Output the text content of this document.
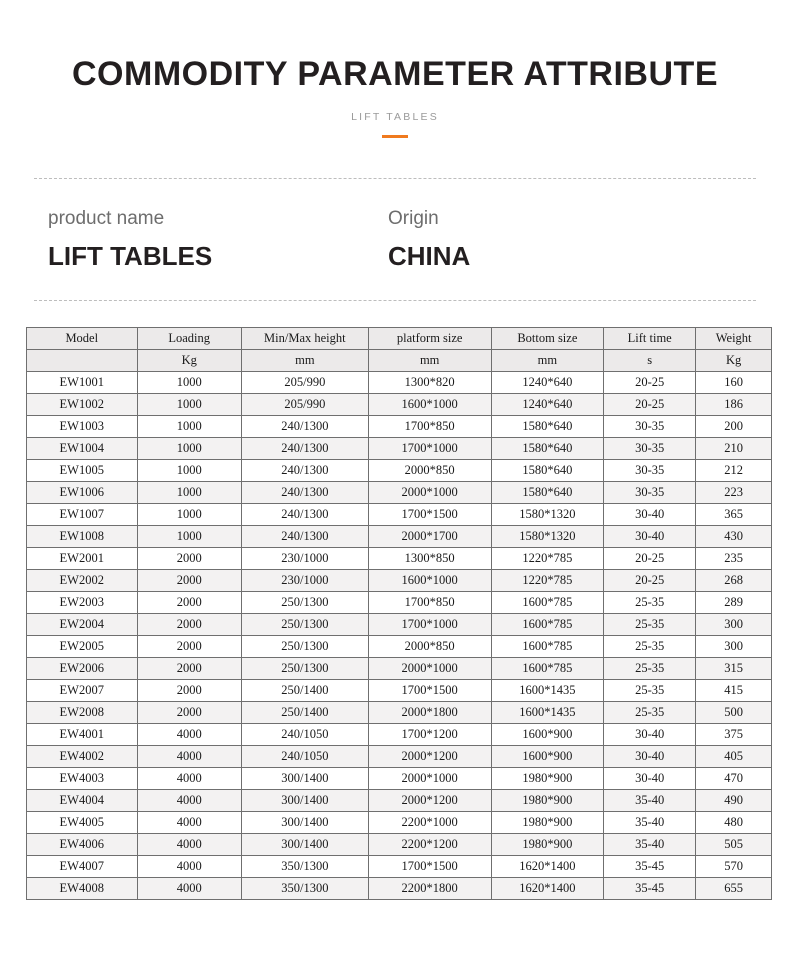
COMMODITY PARAMETER ATTRIBUTE
LIFT TABLES
product name
LIFT TABLES
Origin
CHINA
Model	Loading	Min/Max height	platform size	Bottom size	Lift time	Weight
	Kg	mm	mm	mm	s	Kg
EW1001	1000	205/990	1300*820	1240*640	20-25	160
EW1002	1000	205/990	1600*1000	1240*640	20-25	186
EW1003	1000	240/1300	1700*850	1580*640	30-35	200
EW1004	1000	240/1300	1700*1000	1580*640	30-35	210
EW1005	1000	240/1300	2000*850	1580*640	30-35	212
EW1006	1000	240/1300	2000*1000	1580*640	30-35	223
EW1007	1000	240/1300	1700*1500	1580*1320	30-40	365
EW1008	1000	240/1300	2000*1700	1580*1320	30-40	430
EW2001	2000	230/1000	1300*850	1220*785	20-25	235
EW2002	2000	230/1000	1600*1000	1220*785	20-25	268
EW2003	2000	250/1300	1700*850	1600*785	25-35	289
EW2004	2000	250/1300	1700*1000	1600*785	25-35	300
EW2005	2000	250/1300	2000*850	1600*785	25-35	300
EW2006	2000	250/1300	2000*1000	1600*785	25-35	315
EW2007	2000	250/1400	1700*1500	1600*1435	25-35	415
EW2008	2000	250/1400	2000*1800	1600*1435	25-35	500
EW4001	4000	240/1050	1700*1200	1600*900	30-40	375
EW4002	4000	240/1050	2000*1200	1600*900	30-40	405
EW4003	4000	300/1400	2000*1000	1980*900	30-40	470
EW4004	4000	300/1400	2000*1200	1980*900	35-40	490
EW4005	4000	300/1400	2200*1000	1980*900	35-40	480
EW4006	4000	300/1400	2200*1200	1980*900	35-40	505
EW4007	4000	350/1300	1700*1500	1620*1400	35-45	570
EW4008	4000	350/1300	2200*1800	1620*1400	35-45	655
